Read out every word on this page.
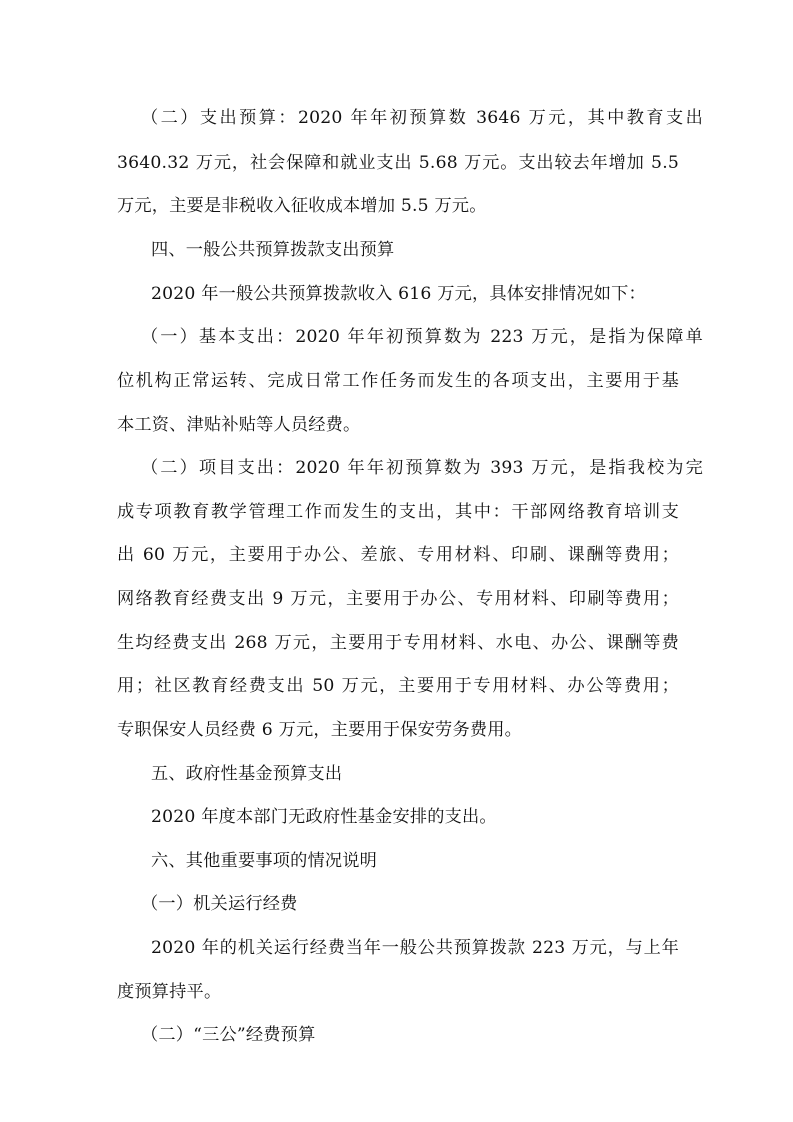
（二）支出预算：2020 年年初预算数 3646 万元，其中教育支出
3640.32 万元，社会保障和就业支出 5.68 万元。支出较去年增加 5.5
万元，主要是非税收入征收成本增加 5.5 万元。
四、一般公共预算拨款支出预算
2020 年一般公共预算拨款收入 616 万元，具体安排情况如下：
（一）基本支出：2020 年年初预算数为 223 万元，是指为保障单
位机构正常运转、完成日常工作任务而发生的各项支出，主要用于基
本工资、津贴补贴等人员经费。
（二）项目支出：2020 年年初预算数为 393 万元，是指我校为完
成专项教育教学管理工作而发生的支出，其中：干部网络教育培训支
出 60 万元，主要用于办公、差旅、专用材料、印刷、课酬等费用；
网络教育经费支出 9 万元，主要用于办公、专用材料、印刷等费用；
生均经费支出 268 万元，主要用于专用材料、水电、办公、课酬等费
用；社区教育经费支出 50 万元，主要用于专用材料、办公等费用；
专职保安人员经费 6 万元，主要用于保安劳务费用。
五、政府性基金预算支出
2020 年度本部门无政府性基金安排的支出。
六、其他重要事项的情况说明
（一）机关运行经费
2020 年的机关运行经费当年一般公共预算拨款 223 万元，与上年
度预算持平。
（二）“三公”经费预算
